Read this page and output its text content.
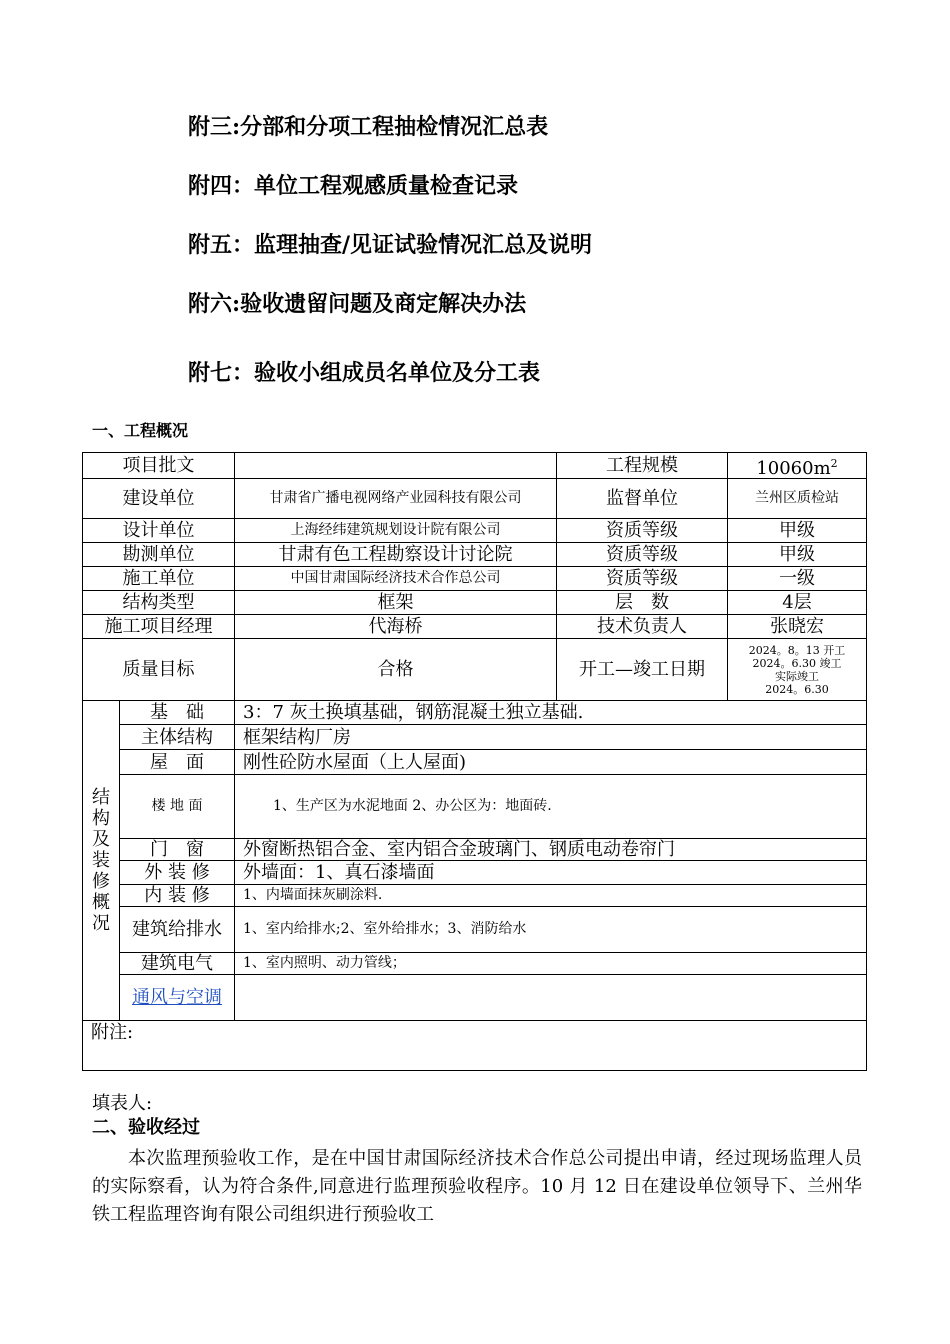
附三:分部和分项工程抽检情况汇总表
附四：单位工程观感质量检查记录
附五：监理抽查/见证试验情况汇总及说明
附六:验收遗留问题及商定解决办法
附七：验收小组成员名单位及分工表
一、工程概况
项目批文			工程规模	$10060m^2$
建设单位		甘肃省广播电视网络产业园科技有限公司	监督单位	兰州区质检站
设计单位		上海经纬建筑规划设计院有限公司	资质等级	甲级
勘测单位		甘肃有色工程勘察设计讨论院	资质等级	甲级
施工单位		中国甘肃国际经济技术合作总公司	资质等级	一级
结构类型		框架	层　数	4层
施工项目经理		代海桥	技术负责人	张晓宏
质量目标		合格	开工—竣工日期	2024。8。13 开工
2024。6.30 竣工
实际竣工
2024。6.30

结构及装修概况	基　础	3：7 灰土换填基础，钢筋混凝土独立基础.		
	主体结构	框架结构厂房		
	屋　面	刚性砼防水屋面（上人屋面)		
	楼 地 面	1、生产区为水泥地面 2、办公区为：地面砖.		
	门　窗	外窗断热铝合金、室内铝合金玻璃门、钢质电动卷帘门		
	外 装 修	外墙面：1、真石漆墙面		
	内 装 修	1、内墙面抹灰刷涂料.		
	建筑给排水	1、室内给排水;2、室外给排水；3、消防给水		
	建筑电气	1、室内照明、动力管线；		
	通风与空调			
附注:				
填表人:
二、验收经过

本次监理预验收工作，是在中国甘肃国际经济技术合作总公司提出申请，经过现场监理人员的实际察看，认为符合条件,同意进行监理预验收程序。10 月 12 日在建设单位领导下、兰州华铁工程监理咨询有限公司组织进行预验收工
